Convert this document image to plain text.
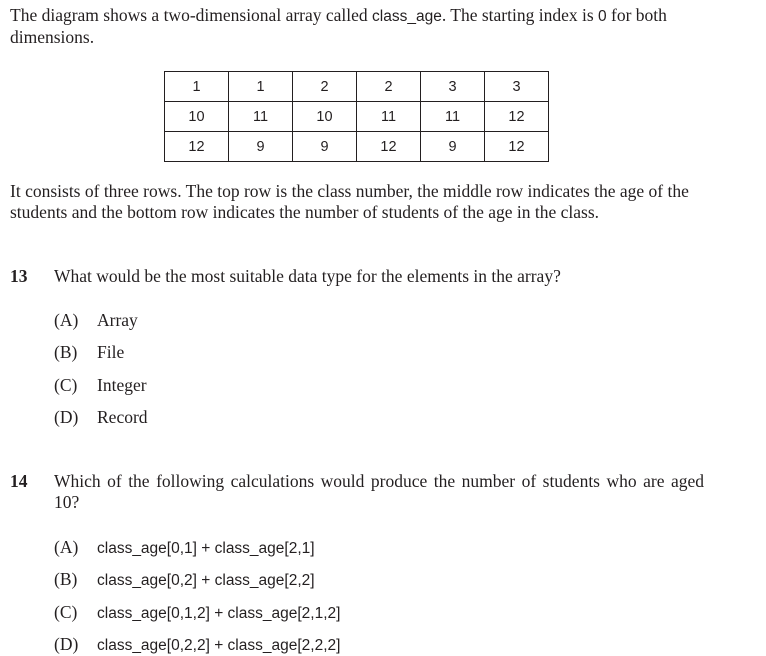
The diagram shows a two-dimensional array called class_age. The starting index is 0 for both dimensions.
1	1	2	2	3	3
10	11	10	11	11	12
12	9	9	12	9	12
It consists of three rows. The top row is the class number, the middle row indicates the age of the students and the bottom row indicates the number of students of the age in the class.
13 What would be the most suitable data type for the elements in the array?
(A) Array
(B) File
(C) Integer
(D) Record
14 Which of the following calculations would produce the number of students who are aged 10?
(A) class_age[0,1] + class_age[2,1]
(B) class_age[0,2] + class_age[2,2]
(C) class_age[0,1,2] + class_age[2,1,2]
(D) class_age[0,2,2] + class_age[2,2,2]
